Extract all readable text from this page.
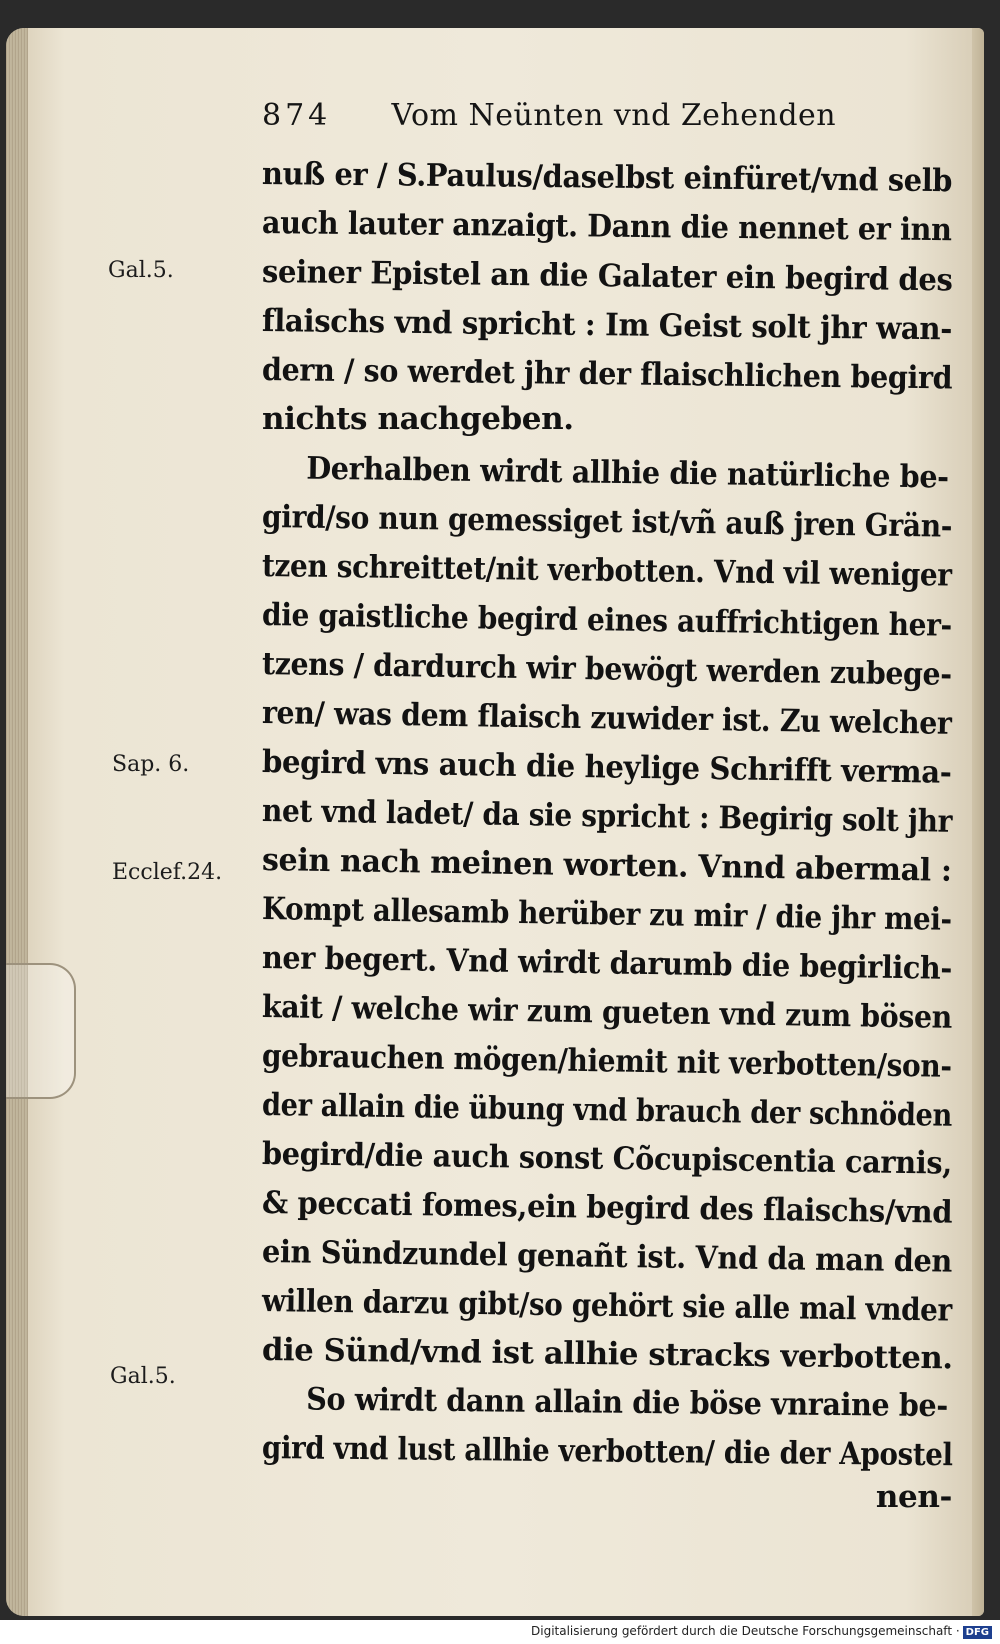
874 Vom Neünten vnd Zehenden
Gal.5.
Sap. 6.
Ecclef.24.
Gal.5.
nuß er / S.Paulus/daselbst einfüret/vnd selb
auch lauter anzaigt. Dann die nennet er inn
seiner Epistel an die Galater ein begird des
flaischs vnd spricht : Im Geist solt jhr wan-
dern / so werdet jhr der flaischlichen begird
nichts nachgeben.
Derhalben wirdt allhie die natürliche be-
gird/so nun gemessiget ist/vñ auß jren Grän-
tzen schreittet/nit verbotten. Vnd vil weniger
die gaistliche begird eines auffrichtigen her-
tzens / dardurch wir bewögt werden zubege-
ren/ was dem flaisch zuwider ist. Zu welcher
begird vns auch die heylige Schrifft verma-
net vnd ladet/ da sie spricht : Begirig solt jhr
sein nach meinen worten. Vnnd abermal :
Kompt allesamb herüber zu mir / die jhr mei-
ner begert. Vnd wirdt darumb die begirlich-
kait / welche wir zum gueten vnd zum bösen
gebrauchen mögen/hiemit nit verbotten/son-
der allain die übung vnd brauch der schnöden
begird/die auch sonst Cõcupiscentia carnis,
& peccati fomes,ein begird des flaischs/vnd
ein Sündzundel genañt ist. Vnd da man den
willen darzu gibt/so gehört sie alle mal vnder
die Sünd/vnd ist allhie stracks verbotten.
So wirdt dann allain die böse vnraine be-
gird vnd lust allhie verbotten/ die der Apostel
nen-
Digitalisierung gefördert durch die Deutsche Forschungsgemeinschaft · DFG
